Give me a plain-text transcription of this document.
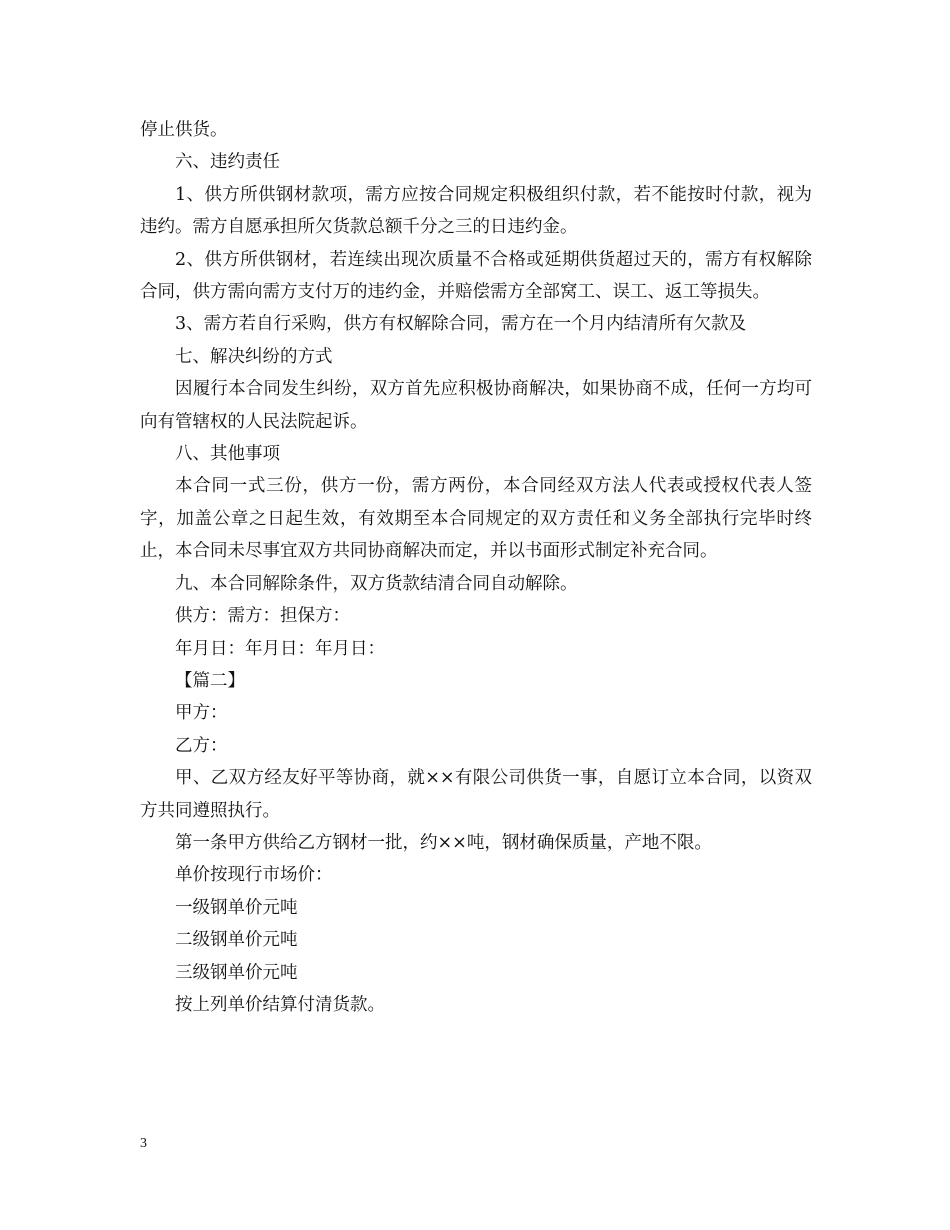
停止供货。

六、违约责任

1、供方所供钢材款项，需方应按合同规定积极组织付款，若不能按时付款，视为违约。需方自愿承担所欠货款总额千分之三的日违约金。

2、供方所供钢材，若连续出现次质量不合格或延期供货超过天的，需方有权解除合同，供方需向需方支付万的违约金，并赔偿需方全部窝工、误工、返工等损失。

3、需方若自行采购，供方有权解除合同，需方在一个月内结清所有欠款及

七、解决纠纷的方式

因履行本合同发生纠纷，双方首先应积极协商解决，如果协商不成，任何一方均可向有管辖权的人民法院起诉。

八、其他事项

本合同一式三份，供方一份，需方两份，本合同经双方法人代表或授权代表人签字，加盖公章之日起生效，有效期至本合同规定的双方责任和义务全部执行完毕时终止，本合同未尽事宜双方共同协商解决而定，并以书面形式制定补充合同。

九、本合同解除条件，双方货款结清合同自动解除。

供方：需方：担保方：

年月日：年月日：年月日：

【篇二】

甲方：

乙方：

甲、乙双方经友好平等协商，就××有限公司供货一事，自愿订立本合同，以资双方共同遵照执行。

第一条甲方供给乙方钢材一批，约××吨，钢材确保质量，产地不限。

单价按现行市场价：

一级钢单价元吨

二级钢单价元吨

三级钢单价元吨

按上列单价结算付清货款。

3
